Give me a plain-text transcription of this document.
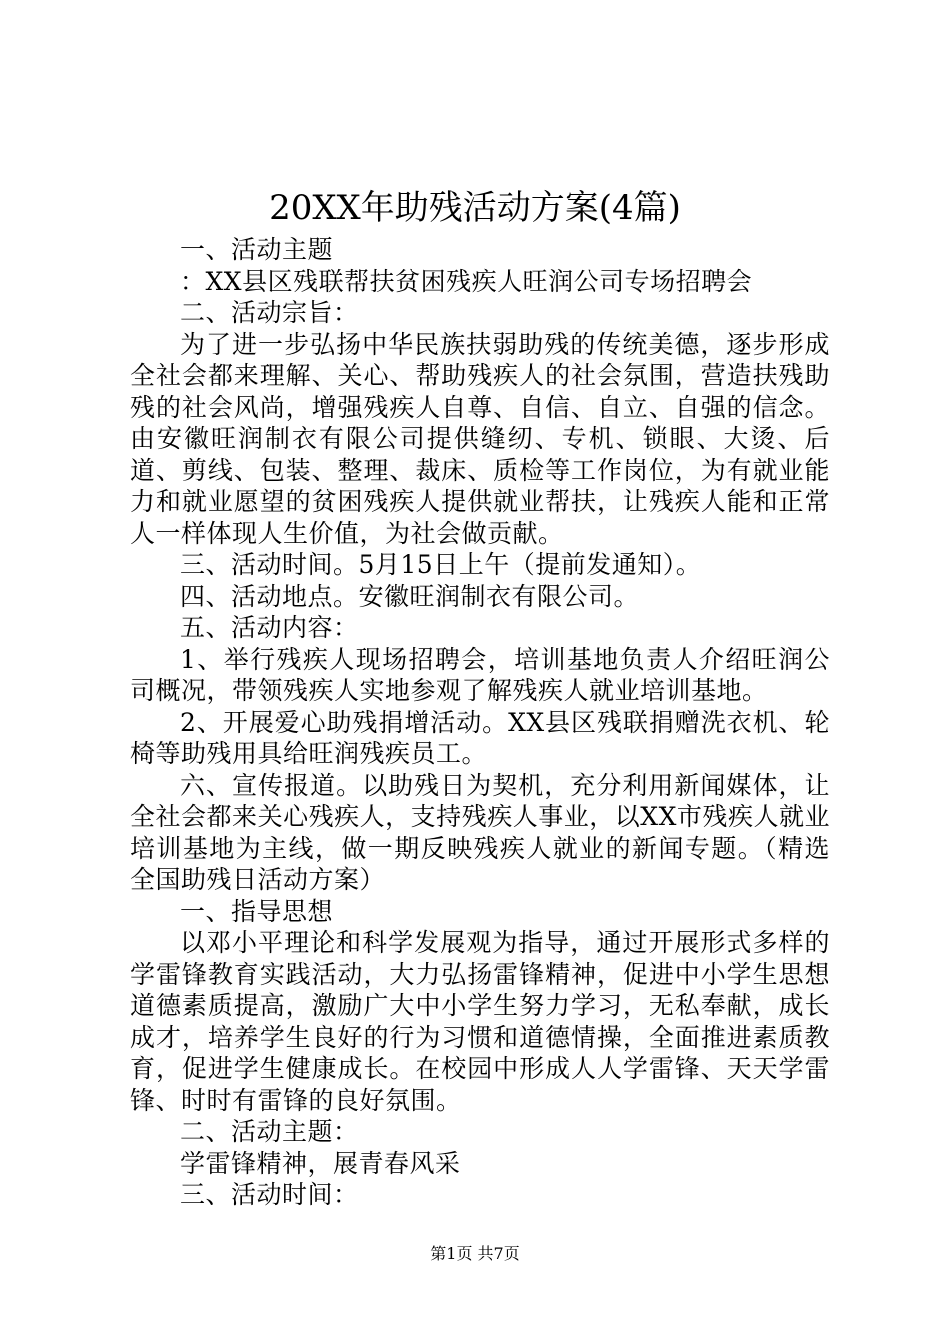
20XX年助残活动方案(4篇)

一、活动主题

：XX县区残联帮扶贫困残疾人旺润公司专场招聘会

二、活动宗旨：

为了进一步弘扬中华民族扶弱助残的传统美德，逐步形成全社会都来理解、关心、帮助残疾人的社会氛围，营造扶残助残的社会风尚，增强残疾人自尊、自信、自立、自强的信念。由安徽旺润制衣有限公司提供缝纫、专机、锁眼、大烫、后道、剪线、包装、整理、裁床、质检等工作岗位，为有就业能力和就业愿望的贫困残疾人提供就业帮扶，让残疾人能和正常人一样体现人生价值，为社会做贡献。

三、活动时间。5月15日上午（提前发通知）。

四、活动地点。安徽旺润制衣有限公司。

五、活动内容：

1、举行残疾人现场招聘会，培训基地负责人介绍旺润公司概况，带领残疾人实地参观了解残疾人就业培训基地。

2、开展爱心助残捐增活动。XX县区残联捐赠洗衣机、轮椅等助残用具给旺润残疾员工。

六、宣传报道。以助残日为契机，充分利用新闻媒体，让全社会都来关心残疾人，支持残疾人事业，以XX市残疾人就业培训基地为主线，做一期反映残疾人就业的新闻专题。（精选全国助残日活动方案）

一、指导思想

以邓小平理论和科学发展观为指导，通过开展形式多样的学雷锋教育实践活动，大力弘扬雷锋精神，促进中小学生思想道德素质提高，激励广大中小学生努力学习，无私奉献，成长成才，培养学生良好的行为习惯和道德情操，全面推进素质教育，促进学生健康成长。在校园中形成人人学雷锋、天天学雷锋、时时有雷锋的良好氛围。

二、活动主题：

学雷锋精神，展青春风采

三、活动时间：

第1页 共7页
